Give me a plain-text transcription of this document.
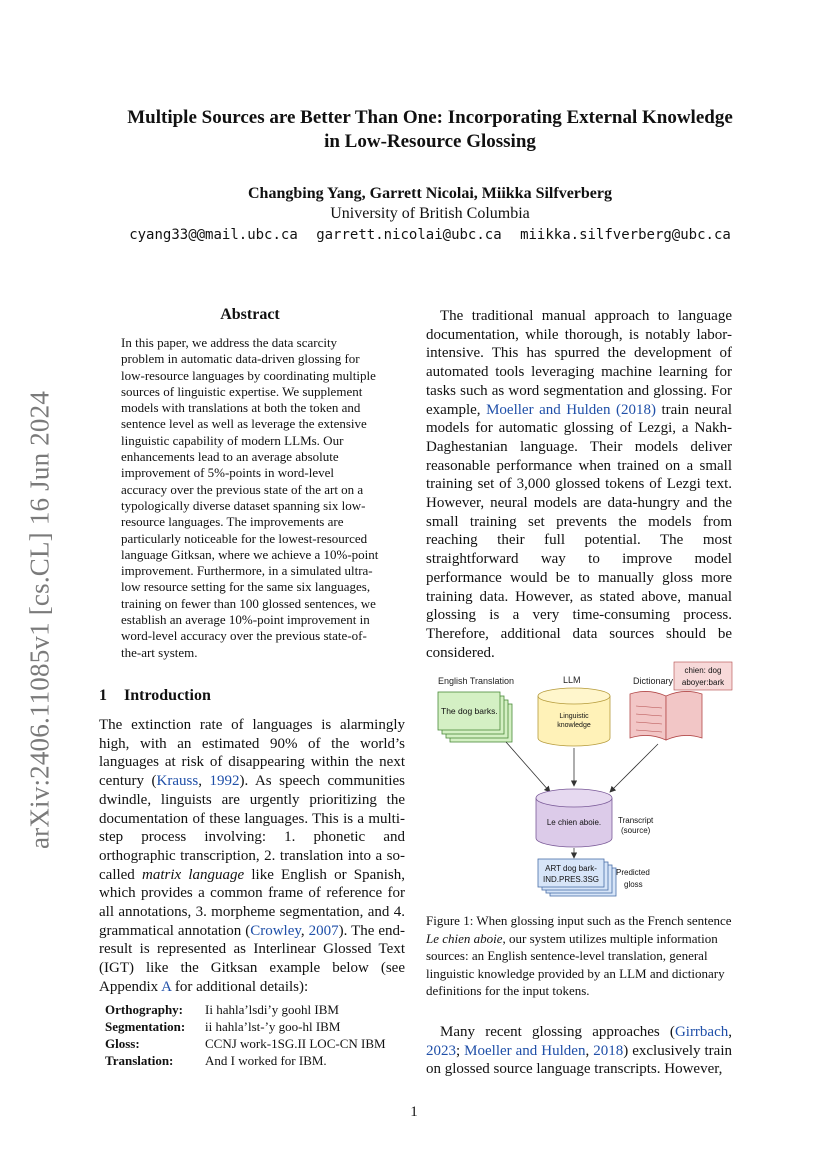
arXiv:2406.11085v1 [cs.CL] 16 Jun 2024
Multiple Sources are Better Than One: Incorporating External Knowledge
in Low-Resource Glossing
Changbing Yang, Garrett Nicolai, Miikka Silfverberg
University of British Columbia
cyang33@@mail.ubc.ca garrett.nicolai@ubc.ca miikka.silfverberg@ubc.ca
Abstract

In this paper, we address the data scarcity problem in automatic data-driven glossing for low-resource languages by coordinating multiple sources of linguistic expertise. We supplement models with translations at both the token and sentence level as well as leverage the extensive linguistic capability of modern LLMs. Our enhancements lead to an average absolute improvement of 5%-points in word-level accuracy over the previous state of the art on a typologically diverse dataset spanning six low-resource languages. The improvements are particularly noticeable for the lowest-resourced language Gitksan, where we achieve a 10%-point improvement. Furthermore, in a simulated ultra-low resource setting for the same six languages, training on fewer than 100 glossed sentences, we establish an average 10%-point improvement in word-level accuracy over the previous state-of-the-art system.

1 Introduction

The extinction rate of languages is alarmingly high, with an estimated 90% of the world’s languages at risk of disappearing within the next century (Krauss, 1992). As speech communities dwindle, linguists are urgently prioritizing the documentation of these languages. This is a multi-step process involving: 1. phonetic and orthographic transcription, 2. translation into a so-called matrix language like English or Spanish, which provides a common frame of reference for all annotations, 3. morpheme segmentation, and 4. grammatical annotation (Crowley, 2007). The end-result is represented as Interlinear Glossed Text (IGT) like the Gitksan example below (see Appendix A for additional details):

Orthography:	Ii hahla’lsdi’y goohl IBM
Segmentation:	ii hahla’lst-’y goo-hl IBM
Gloss:	CCNJ work-1SG.II LOC-CN IBM
Translation:	And I worked for IBM.

The traditional manual approach to language documentation, while thorough, is notably labor-intensive. This has spurred the development of automated tools leveraging machine learning for tasks such as word segmentation and glossing. For example, Moeller and Hulden (2018) train neural models for automatic glossing of Lezgi, a Nakh-Daghestanian language. Their models deliver reasonable performance when trained on a small training set of 3,000 glossed tokens of Lezgi text. However, neural models are data-hungry and the small training set prevents the models from reaching their full potential. The most straightforward way to improve model performance would be to manually gloss more training data. However, as stated above, manual glossing is a very time-consuming process. Therefore, additional data sources should be considered.

English Translation	LLM	Dictionary
The dog barks.
Linguistic
knowledge
chien: dog
aboyer:bark
Le chien aboie. Transcript
(source)
ART dog bark-
IND.PRES.3SG
Predicted
gloss

Figure 1: When glossing input such as the French sentence Le chien aboie, our system utilizes multiple information sources: an English sentence-level translation, general linguistic knowledge provided by an LLM and dictionary definitions for the input tokens.

Many recent glossing approaches (Girrbach, 2023; Moeller and Hulden, 2018) exclusively train on glossed source language transcripts. However,

1
